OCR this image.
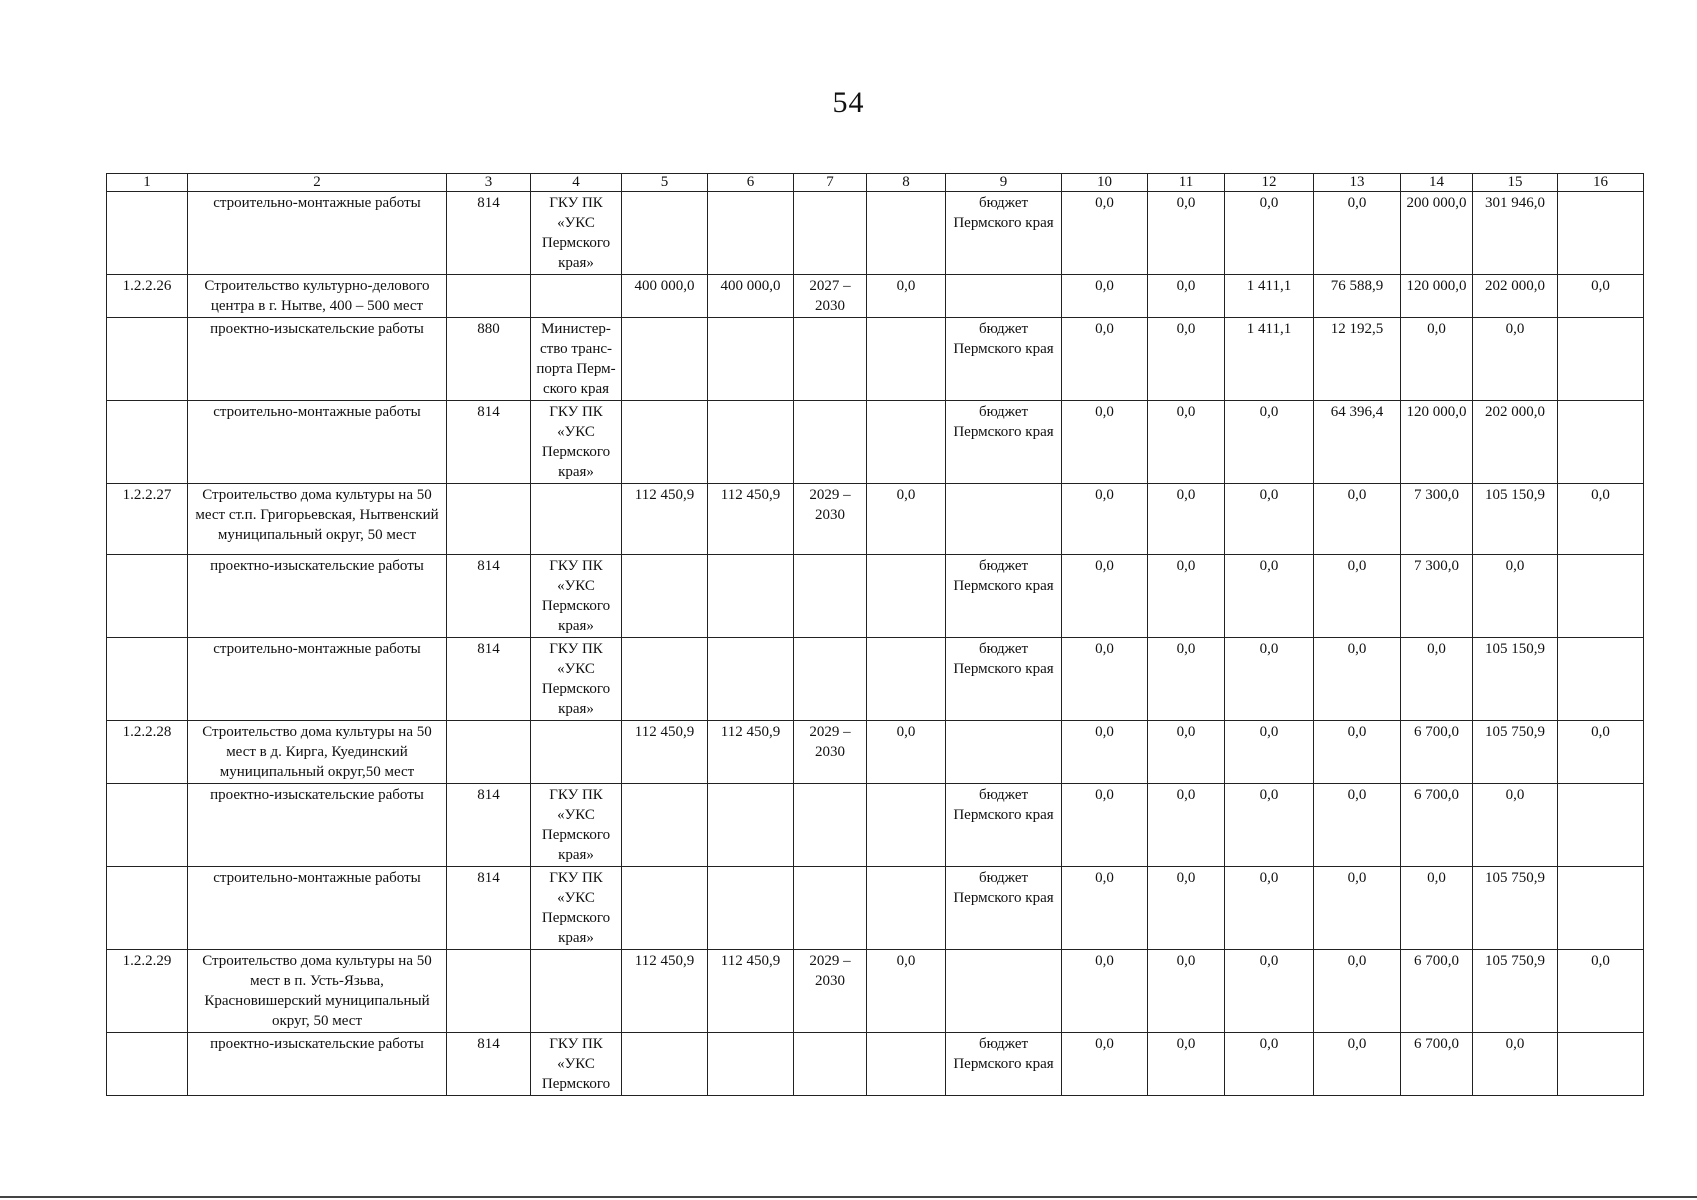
54
1	2	3	4	5	6	7	8	9	10	11	12	13	14	15	16
	строительно-монтажные работы	814	ГКУ ПК «УКС Пермского края»					бюджет Пермского края	0,0	0,0	0,0	0,0	200 000,0	301 946,0	
1.2.2.26	Строительство культурно-делового центра в г. Нытве, 400 – 500 мест			400 000,0	400 000,0	2027 – 2030	0,0		0,0	0,0	1 411,1	76 588,9	120 000,0	202 000,0	0,0
	проектно-изыскательские работы	880	Министер-ство транс-порта Перм-ского края					бюджет Пермского края	0,0	0,0	1 411,1	12 192,5	0,0	0,0	
	строительно-монтажные работы	814	ГКУ ПК «УКС Пермского края»					бюджет Пермского края	0,0	0,0	0,0	64 396,4	120 000,0	202 000,0	
1.2.2.27	Строительство дома культуры на 50 мест ст.п. Григорьевская, Нытвенский муниципальный округ, 50 мест			112 450,9	112 450,9	2029 – 2030	0,0		0,0	0,0	0,0	0,0	7 300,0	105 150,9	0,0
	проектно-изыскательские работы	814	ГКУ ПК «УКС Пермского края»					бюджет Пермского края	0,0	0,0	0,0	0,0	7 300,0	0,0	
	строительно-монтажные работы	814	ГКУ ПК «УКС Пермского края»					бюджет Пермского края	0,0	0,0	0,0	0,0	0,0	105 150,9	
1.2.2.28	Строительство дома культуры на 50 мест в д. Кирга, Куединский муниципальный округ,50 мест			112 450,9	112 450,9	2029 – 2030	0,0		0,0	0,0	0,0	0,0	6 700,0	105 750,9	0,0
	проектно-изыскательские работы	814	ГКУ ПК «УКС Пермского края»					бюджет Пермского края	0,0	0,0	0,0	0,0	6 700,0	0,0	
	строительно-монтажные работы	814	ГКУ ПК «УКС Пермского края»					бюджет Пермского края	0,0	0,0	0,0	0,0	0,0	105 750,9	
1.2.2.29	Строительство дома культуры на 50 мест в п. Усть-Язьва, Красновишерский муниципальный округ, 50 мест			112 450,9	112 450,9	2029 – 2030	0,0		0,0	0,0	0,0	0,0	6 700,0	105 750,9	0,0
	проектно-изыскательские работы	814	ГКУ ПК «УКС Пермского					бюджет Пермского края	0,0	0,0	0,0	0,0	6 700,0	0,0	
